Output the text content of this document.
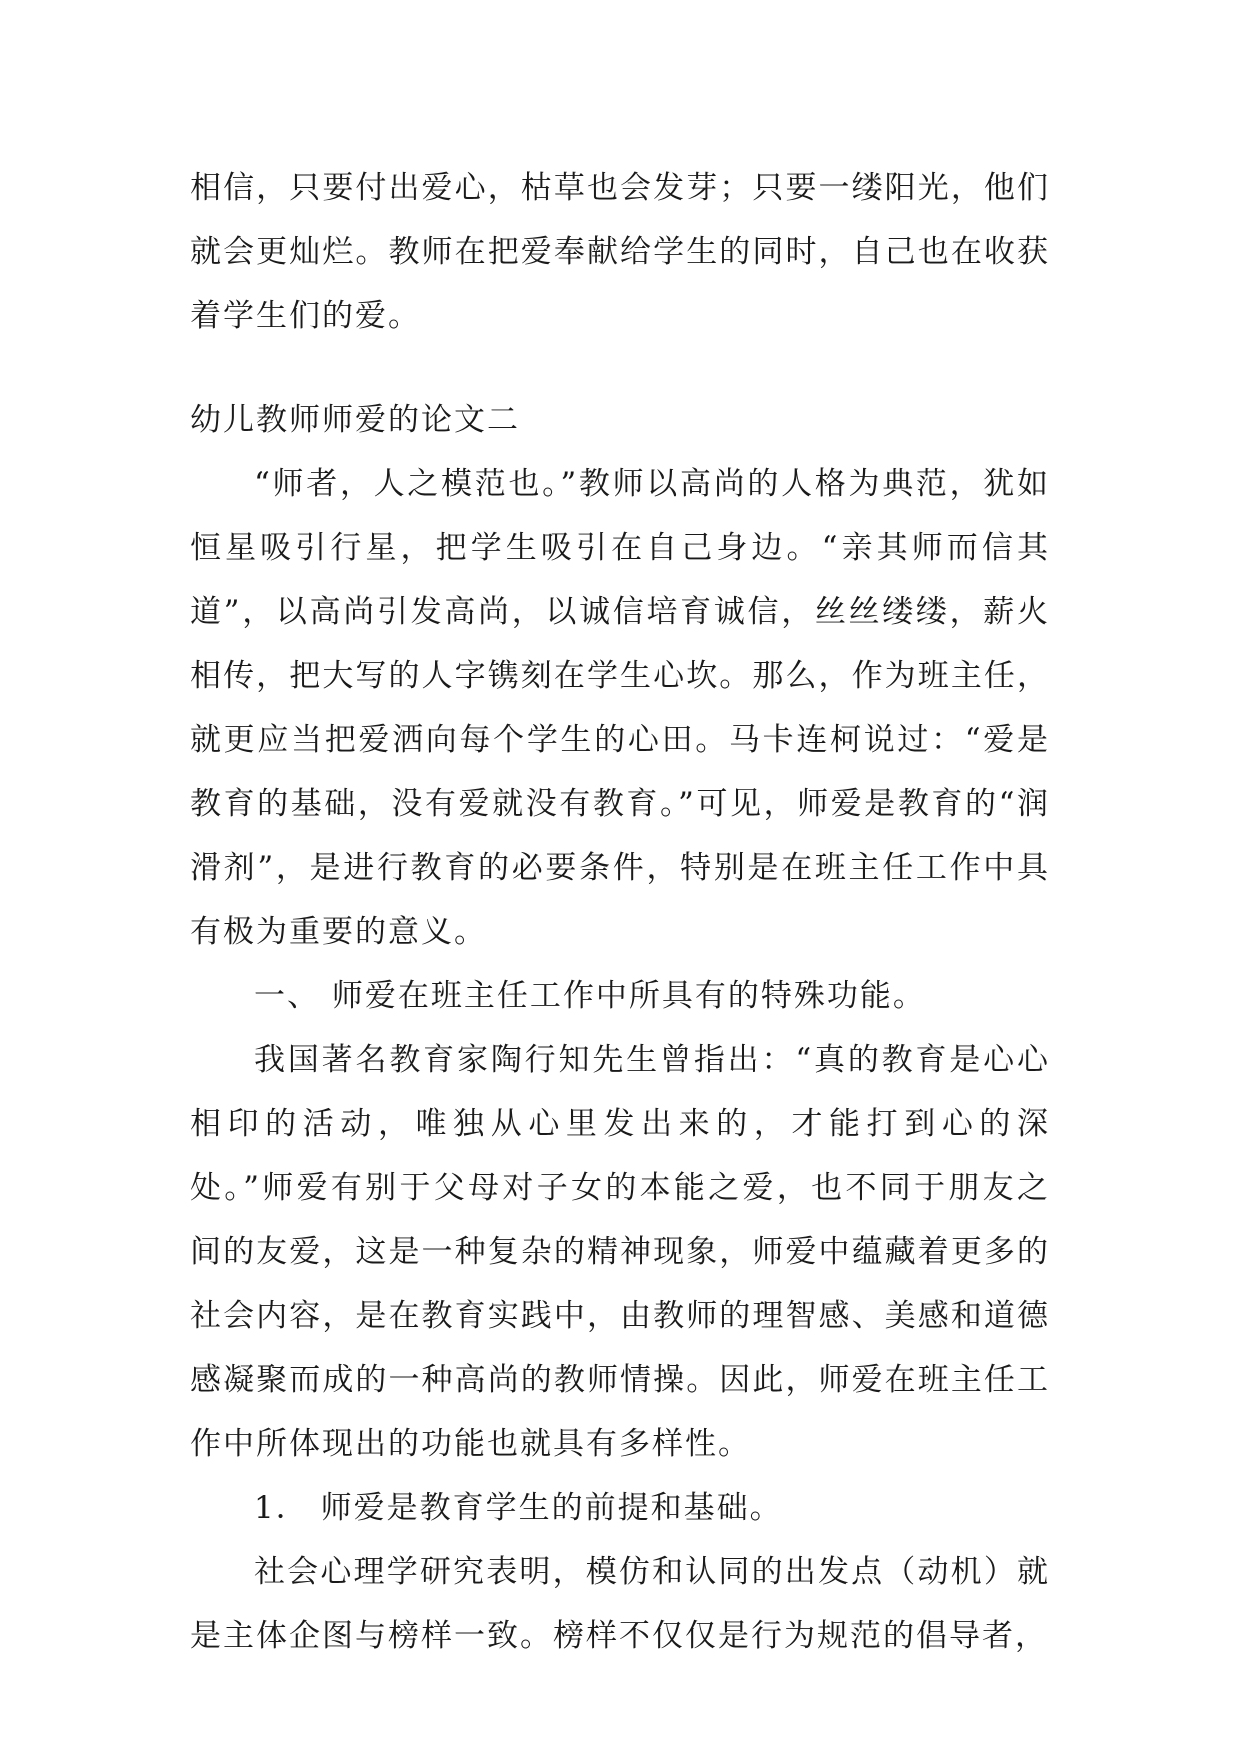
相信，只要付出爱心，枯草也会发芽；只要一缕阳光，他们就会更灿烂。教师在把爱奉献给学生的同时，自己也在收获着学生们的爱。

幼儿教师师爱的论文二

“师者，人之模范也。”教师以高尚的人格为典范，犹如恒星吸引行星，把学生吸引在自己身边。“亲其师而信其道”，以高尚引发高尚，以诚信培育诚信，丝丝缕缕，薪火相传，把大写的人字镌刻在学生心坎。那么，作为班主任，就更应当把爱洒向每个学生的心田。马卡连柯说过：“爱是教育的基础，没有爱就没有教育。”可见，师爱是教育的“润滑剂”，是进行教育的必要条件，特别是在班主任工作中具有极为重要的意义。

一、 师爱在班主任工作中所具有的特殊功能。

我国著名教育家陶行知先生曾指出：“真的教育是心心相印的活动，唯独从心里发出来的，才能打到心的深处。”师爱有别于父母对子女的本能之爱，也不同于朋友之间的友爱，这是一种复杂的精神现象，师爱中蕴藏着更多的社会内容，是在教育实践中，由教师的理智感、美感和道德感凝聚而成的一种高尚的教师情操。因此，师爱在班主任工作中所体现出的功能也就具有多样性。

1． 师爱是教育学生的前提和基础。

社会心理学研究表明，模仿和认同的出发点（动机）就是主体企图与榜样一致。榜样不仅仅是行为规范的倡导者，
